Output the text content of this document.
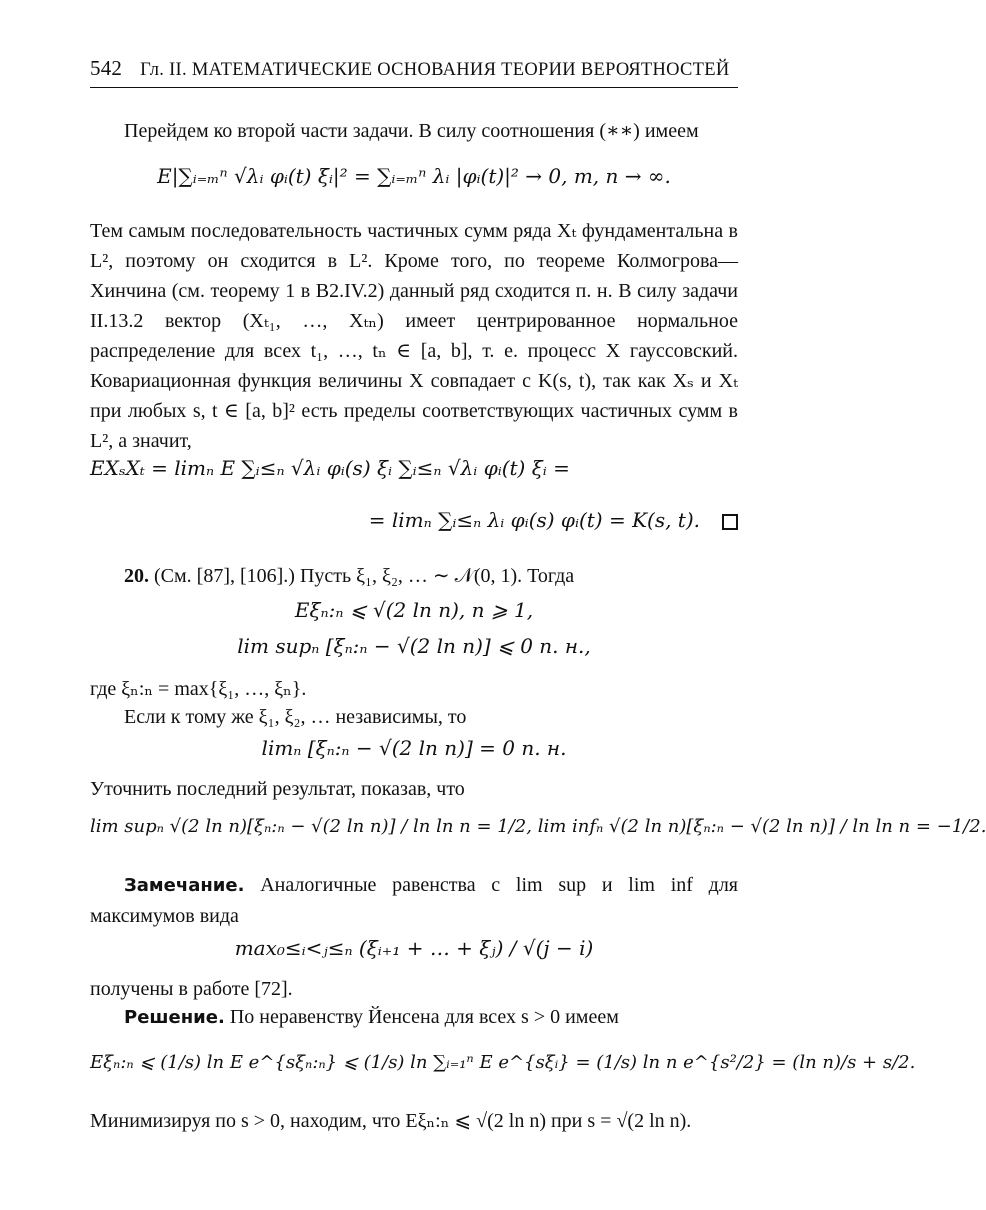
542 Гл. II. МАТЕМАТИЧЕСКИЕ ОСНОВАНИЯ ТЕОРИИ ВЕРОЯТНОСТЕЙ
Перейдем ко второй части задачи. В силу соотношения (∗∗) имеем
E|∑ᵢ₌ₘⁿ √λᵢ φᵢ(t) ξᵢ|² = ∑ᵢ₌ₘⁿ λᵢ |φᵢ(t)|² → 0, m, n → ∞.
Тем самым последовательность частичных сумм ряда Xₜ фундаментальна в L², поэтому он сходится в L². Кроме того, по теореме Колмогрова—Хинчина (см. теорему 1 в В2.IV.2) данный ряд сходится п. н. В силу задачи II.13.2 вектор (Xₜ₁, …, Xₜₙ) имеет центрированное нормальное распределение для всех t₁, …, tₙ ∈ [a, b], т. е. процесс X гауссовский. Ковариационная функция величины X совпадает с K(s, t), так как Xₛ и Xₜ при любых s, t ∈ [a, b]² есть пределы соответствующих частичных сумм в L², а значит,
EXₛXₜ = limₙ E ∑ᵢ≤ₙ √λᵢ φᵢ(s) ξᵢ ∑ᵢ≤ₙ √λᵢ φᵢ(t) ξᵢ =
= limₙ ∑ᵢ≤ₙ λᵢ φᵢ(s) φᵢ(t) = K(s, t).
20. (См. [87], [106].) Пусть ξ₁, ξ₂, … ∼ 𝒩(0, 1). Тогда
Eξₙ:ₙ ⩽ √(2 ln n), n ⩾ 1,
lim supₙ [ξₙ:ₙ − √(2 ln n)] ⩽ 0 п. н.,
где ξₙ:ₙ = max{ξ₁, …, ξₙ}.
Если к тому же ξ₁, ξ₂, … независимы, то
limₙ [ξₙ:ₙ − √(2 ln n)] = 0 п. н.
Уточнить последний результат, показав, что
lim supₙ √(2 ln n)[ξₙ:ₙ − √(2 ln n)] / ln ln n = 1/2, lim infₙ √(2 ln n)[ξₙ:ₙ − √(2 ln n)] / ln ln n = −1/2.
Замечание. Аналогичные равенства с lim sup и lim inf для максимумов вида
max₀≤ᵢ<ⱼ≤ₙ (ξᵢ₊₁ + … + ξⱼ) / √(j − i)
получены в работе [72].
Решение. По неравенству Йенсена для всех s > 0 имеем
Eξₙ:ₙ ⩽ (1/s) ln E e^{sξₙ:ₙ} ⩽ (1/s) ln ∑ᵢ₌₁ⁿ E e^{sξᵢ} = (1/s) ln n e^{s²/2} = (ln n)/s + s/2.
Минимизируя по s > 0, находим, что Eξₙ:ₙ ⩽ √(2 ln n) при s = √(2 ln n).
